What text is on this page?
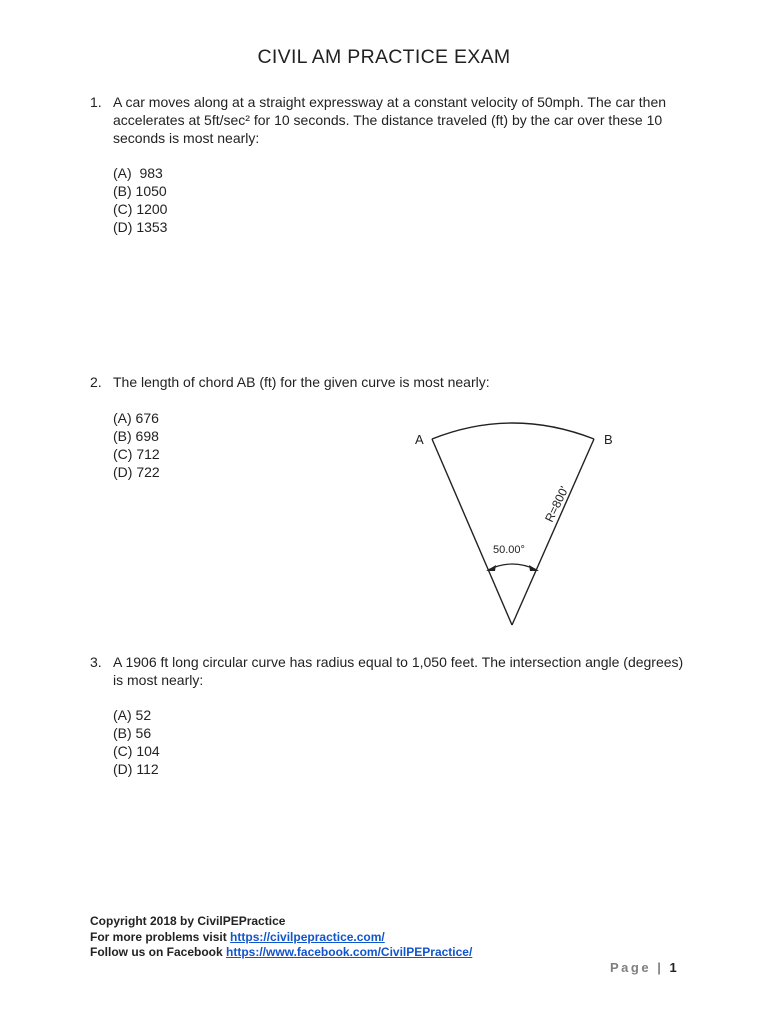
CIVIL AM PRACTICE EXAM
1. A car moves along at a straight expressway at a constant velocity of 50mph. The car then accelerates at 5ft/sec² for 10 seconds. The distance traveled (ft) by the car over these 10 seconds is most nearly:
(A)  983
(B) 1050
(C) 1200
(D) 1353
2. The length of chord AB (ft) for the given curve is most nearly:
(A) 676
(B) 698
(C) 712
(D) 722
A	B
R=800'
50.00°
3. A 1906 ft long circular curve has radius equal to 1,050 feet. The intersection angle (degrees) is most nearly:
(A) 52
(B) 56
(C) 104
(D) 112
Copyright 2018 by CivilPEPractice
For more problems visit https://civilpepractice.com/
Follow us on Facebook https://www.facebook.com/CivilPEPractice/
Page | 1
